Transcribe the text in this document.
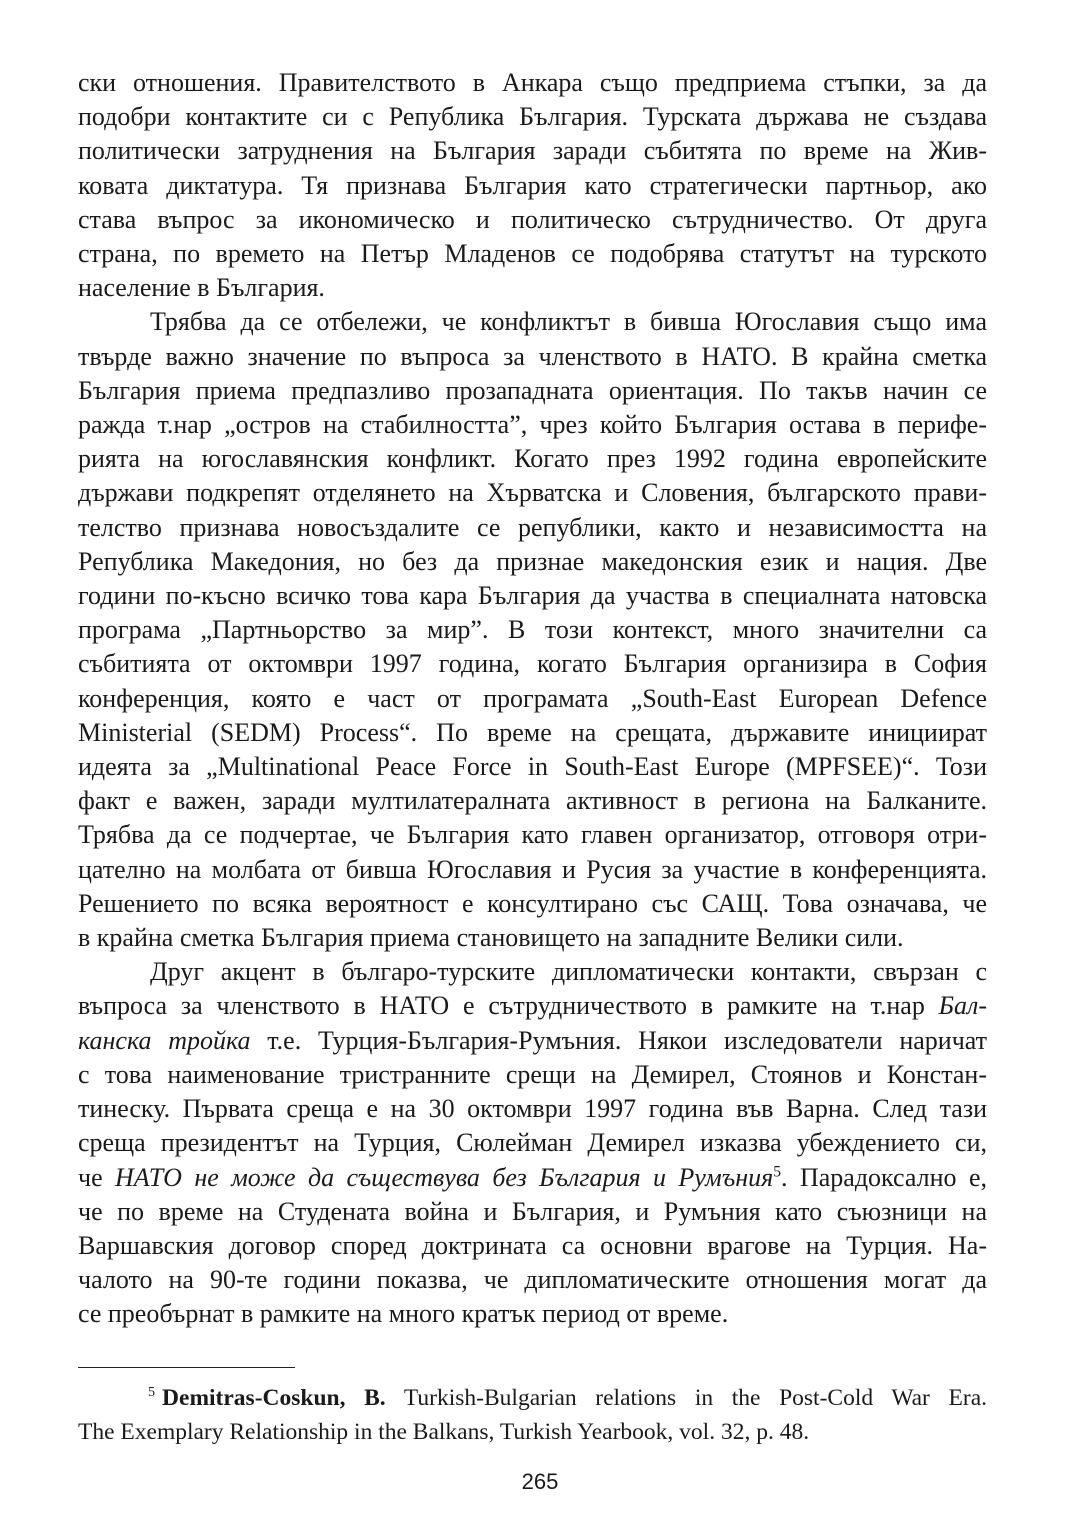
ски отношения. Правителството в Анкара също предприема стъпки, за да
подобри контактите си с Република България. Турската държава не създава
политически затруднения на България заради събитята по време на Жив-
ковата диктатура. Тя признава България като стратегически партньор, ако
става въпрос за икономическо и политическо сътрудничество. От друга
страна, по времето на Петър Младенов се подобрява статутът на турското
население в България.
Трябва да се отбележи, че конфликтът в бивша Югославия също има
твърде важно значение по въпроса за членството в НАТО. В крайна сметка
България приема предпазливо прозападната ориентация. По такъв начин се
ражда т.нар „остров на стабилността”, чрез който България остава в перифе-
рията на югославянския конфликт. Когато през 1992 година европейските
държави подкрепят отделянето на Хърватска и Словения, българското прави-
телство признава новосъздалите се републики, както и независимостта на
Република Македония, но без да признае македонския език и нация. Две
години по-късно всичко това кара България да участва в специалната натовска
програма „Партньорство за мир”. В този контекст, много значителни са
събитията от октомври 1997 година, когато България организира в София
конференция, която е част от програмата „South-East European Defence
Ministerial (SEDM) Process“. По време на срещата, държавите инициират
идеята за „Multinational Peace Force in South-East Europe (MPFSEE)“. Този
факт е важен, заради мултилатералната активност в региона на Балканите.
Трябва да се подчертае, че България като главен организатор, отговоря отри-
цателно на молбата от бивша Югославия и Русия за участие в конференцията.
Решението по всяка вероятност е консултирано със САЩ. Това означава, че
в крайна сметка България приема становището на западните Велики сили.
Друг акцент в българо-турските дипломатически контакти, свързан с
въпроса за членството в НАТО е сътрудничеството в рамките на т.нар Бал-
канска тройка т.е. Турция-България-Румъния. Някои изследователи наричат
с това наименование тристранните срещи на Демирел, Стоянов и Констан-
тинеску. Първата среща е на 30 октомври 1997 година във Варна. След тази
среща президентът на Турция, Сюлейман Демирел изказва убеждението си,
че НАТО не може да съществува без България и Румъния$^5$. Парадоксално е,
че по време на Студената война и България, и Румъния като съюзници на
Варшавския договор според доктрината са основни врагове на Турция. На-
чалото на 90-те години показва, че дипломатическите отношения могат да
се преобърнат в рамките на много кратък период от време.
$^5$ Demitras-Coskun, B. Turkish-Bulgarian relations in the Post-Cold War Era.
The Exemplary Relationship in the Balkans, Turkish Yearbook, vol. 32, p. 48.
265
